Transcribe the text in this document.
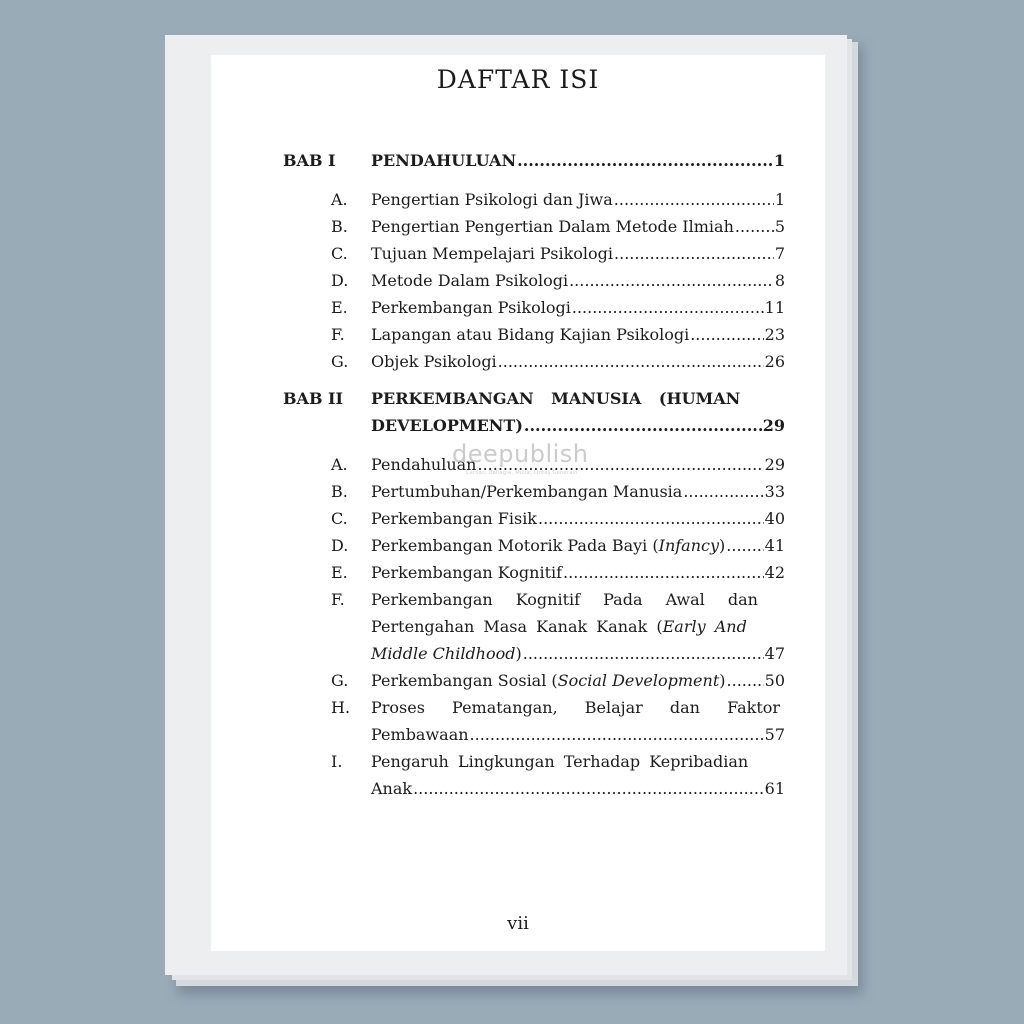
DAFTAR ISI
BAB I PENDAHULUAN .....	1
A. Pengertian Psikologi dan Jiwa .....	1
B. Pengertian Pengertian Dalam Metode Ilmiah .....	5
C. Tujuan Mempelajari Psikologi .....	7
D. Metode Dalam Psikologi .....	8
E. Perkembangan Psikologi .....	11
F. Lapangan atau Bidang Kajian Psikologi .....	23
G. Objek Psikologi .....	26
BAB II PERKEMBANGAN MANUSIA (HUMAN
DEVELOPMENT) .....	29
A. Pendahuluan .....	29
B. Pertumbuhan/Perkembangan Manusia .....	33
C. Perkembangan Fisik .....	40
D. Perkembangan Motorik Pada Bayi (Infancy) ..... 41
E. Perkembangan Kognitif .....	42
F. Perkembangan Kognitif Pada Awal dan
Pertengahan Masa Kanak Kanak (Early And
Middle Childhood) .....	47
G. Perkembangan Sosial (Social Development) ..... 50
H. Proses Pematangan, Belajar dan Faktor
Pembawaan .....	57
I. Pengaruh Lingkungan Terhadap Kepribadian
Anak .....	61
vii
deepublish
Cerdas, Bahagia, Mulia, Lintas Generasi
